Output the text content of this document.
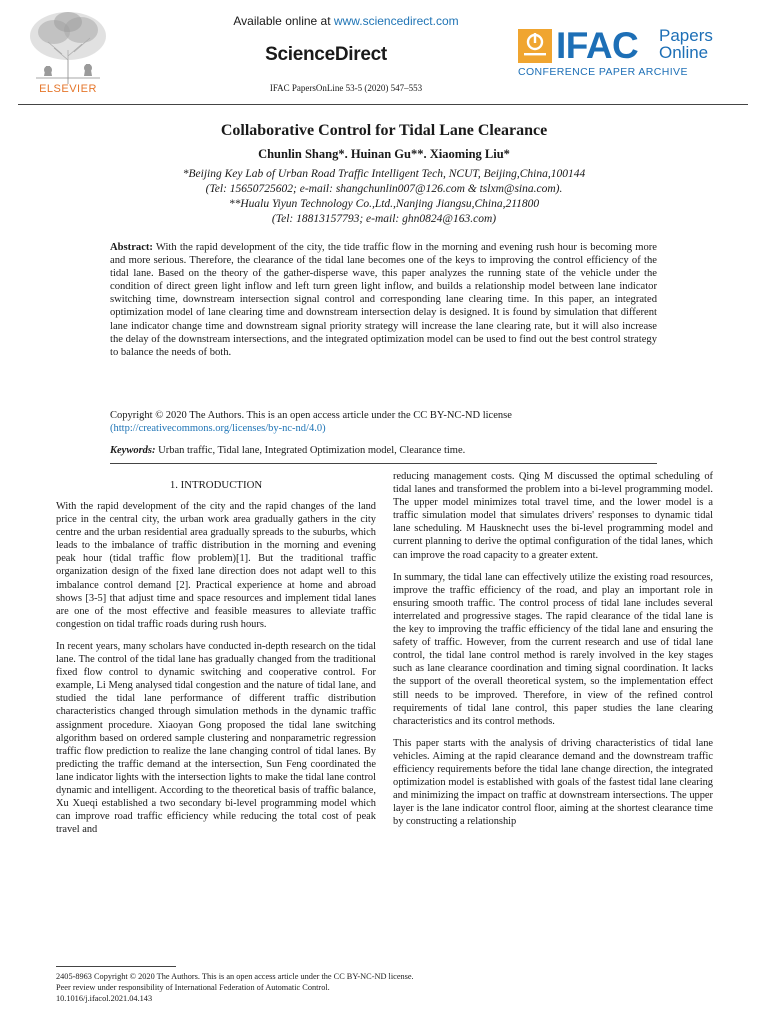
ELSEVIER
Available online at www.sciencedirect.com
ScienceDirect
IFAC PapersOnLine 53-5 (2020) 547–553
IFAC Papers
Online
CONFERENCE PAPER ARCHIVE
Collaborative Control for Tidal Lane Clearance
Chunlin Shang*. Huinan Gu**. Xiaoming Liu*
*Beijing Key Lab of Urban Road Traffic Intelligent Tech, NCUT, Beijing,China,100144
(Tel: 15650725602; e-mail: shangchunlin007@126.com & tslxm@sina.com).
**Hualu Yiyun Technology Co.,Ltd.,Nanjing Jiangsu,China,211800
(Tel: 18813157793; e-mail: ghn0824@163.com)
Abstract: With the rapid development of the city, the tide traffic flow in the morning and evening rush hour is becoming more and more serious. Therefore, the clearance of the tidal lane becomes one of the keys to improving the control efficiency of the tidal lane. Based on the theory of the gather-disperse wave, this paper analyzes the running state of the vehicle under the condition of direct green light inflow and left turn green light inflow, and builds a relationship model between lane indicator switching time, downstream intersection signal control and corresponding lane clearing time. In this paper, an integrated optimization model of lane clearing time and downstream intersection delay is designed. It is found by simulation that different lane indicator change time and downstream signal priority strategy will increase the lane clearing rate, but it will also increase the delay of the downstream intersections, and the integrated optimization model can be used to find out the best control strategy to balance the needs of both.
Copyright © 2020 The Authors. This is an open access article under the CC BY-NC-ND license
(http://creativecommons.org/licenses/by-nc-nd/4.0)
Keywords: Urban traffic, Tidal lane, Integrated Optimization model, Clearance time.
1. INTRODUCTION

With the rapid development of the city and the rapid changes of the land price in the central city, the urban work area gradually gathers in the city centre and the urban residential area gradually spreads to the suburbs, which leads to the imbalance of traffic distribution in the morning and evening peak hour (tidal traffic flow problem)[1]. But the traditional traffic organization design of the fixed lane direction does not adapt well to this imbalance control demand [2]. Practical experience at home and abroad shows [3-5] that adjust time and space resources and implement tidal lanes are one of the most effective and feasible measures to alleviate traffic congestion on tidal traffic roads during rush hours.

In recent years, many scholars have conducted in-depth research on the tidal lane. The control of the tidal lane has gradually changed from the traditional fixed flow control to dynamic switching and cooperative control. For example, Li Meng analysed tidal congestion and the nature of tidal lane, and studied the tidal lane performance of different traffic distribution characteristics changed through simulation methods in the dynamic traffic assignment procedure. Xiaoyan Gong proposed the tidal lane switching algorithm based on ordered sample clustering and nonparametric regression traffic flow prediction to realize the lane changing control of tidal lanes. By predicting the traffic demand at the intersection, Sun Feng coordinated the lane indicator lights with the intersection lights to make the tidal lane control dynamic and intelligent. According to the theoretical basis of traffic balance, Xu Xueqi established a two secondary bi-level programming model which can improve road traffic efficiency while reducing the total cost of peak travel and

reducing management costs. Qing M discussed the optimal scheduling of tidal lanes and transformed the problem into a bi-level programming model. The upper model minimizes total travel time, and the lower model is a traffic simulation model that simulates drivers' responses to dynamic tidal lane scheduling. M Hausknecht uses the bi-level programming model and current planning to derive the optimal configuration of the tidal lanes, which can improve the road capacity to a greater extent.

In summary, the tidal lane can effectively utilize the existing road resources, improve the traffic efficiency of the road, and play an important role in ensuring smooth traffic. The control process of tidal lane includes several interrelated and progressive stages. The rapid clearance of the tidal lane is the key to improving the traffic efficiency of the tidal lane and ensuring the safety of traffic. However, from the current research and use of tidal lane control, the tidal lane control method is rarely involved in the key stages such as lane clearance coordination and timing signal coordination. It lacks the support of the overall theoretical system, so the implementation effect still needs to be improved. Therefore, in view of the refined control requirements of tidal lane control, this paper studies the lane clearing characteristics and its control methods.

This paper starts with the analysis of driving characteristics of tidal lane vehicles. Aiming at the rapid clearance demand and the downstream traffic efficiency requirements before the tidal lane change direction, the integrated optimization model is established with goals of the fastest tidal lane clearing and minimizing the impact on traffic at downstream intersections. The upper layer is the lane indicator control floor, aiming at the shortest clearance time by constructing a relationship

2405-8963 Copyright © 2020 The Authors. This is an open access article under the CC BY-NC-ND license.
Peer review under responsibility of International Federation of Automatic Control.
10.1016/j.ifacol.2021.04.143
